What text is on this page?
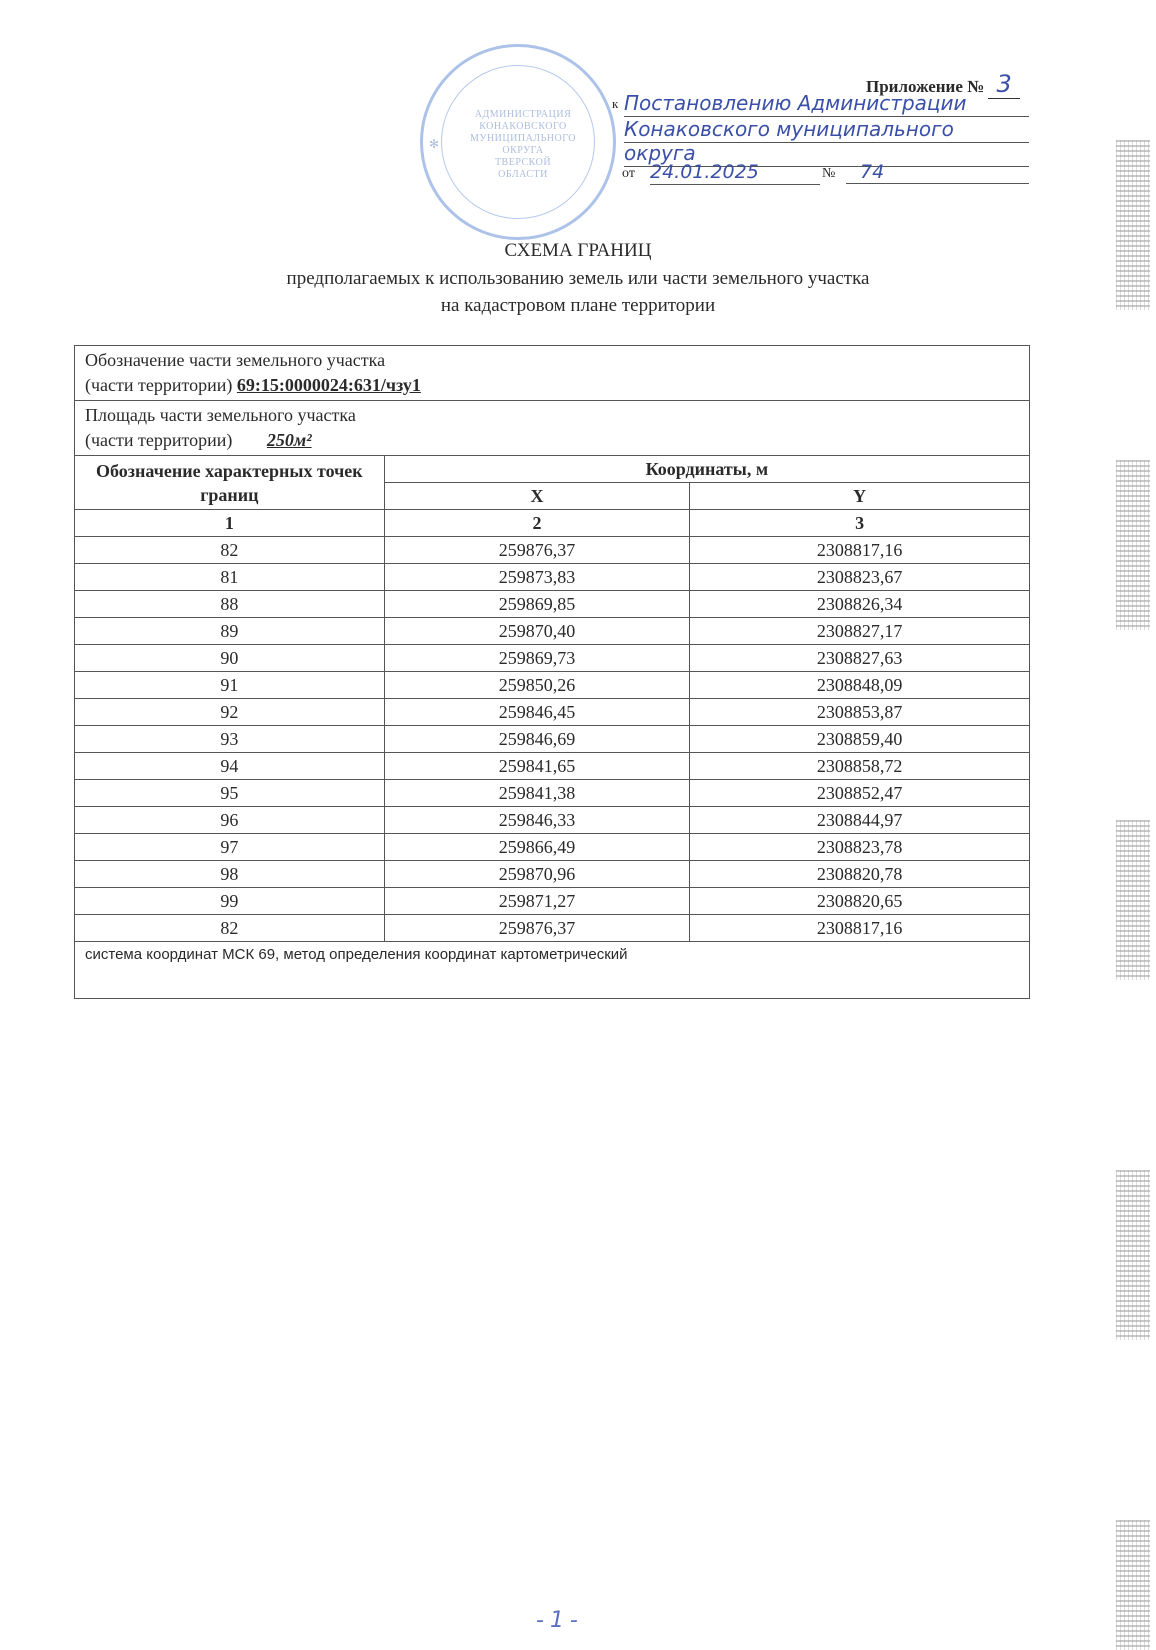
✻
АДМИНИСТРАЦИЯ
КОНАКОВСКОГО
МУНИЦИПАЛЬНОГО
ОКРУГА
ТВЕРСКОЙ
ОБЛАСТИ
Приложение № 3
к Постановлению Администрации
Конаковского муниципального
округа
от 24.01.2025	№	74
СХЕМА ГРАНИЦ
предполагаемых к использованию земель или части земельного участка
на кадастровом плане территории
Обозначение части земельного участка
(части территории) 69:15:0000024:631/чзу1		

Площадь части земельного участка
(части территории) 250м²		

Обозначение характерных точек границ	Координаты, м	
	X	Y
1	2	3
82	259876,37	2308817,16
81	259873,83	2308823,67
88	259869,85	2308826,34
89	259870,40	2308827,17
90	259869,73	2308827,63
91	259850,26	2308848,09
92	259846,45	2308853,87
93	259846,69	2308859,40
94	259841,65	2308858,72
95	259841,38	2308852,47
96	259846,33	2308844,97
97	259866,49	2308823,78
98	259870,96	2308820,78
99	259871,27	2308820,65
82	259876,37	2308817,16
система координат МСК 69, метод определения координат картометрический		
-1-
